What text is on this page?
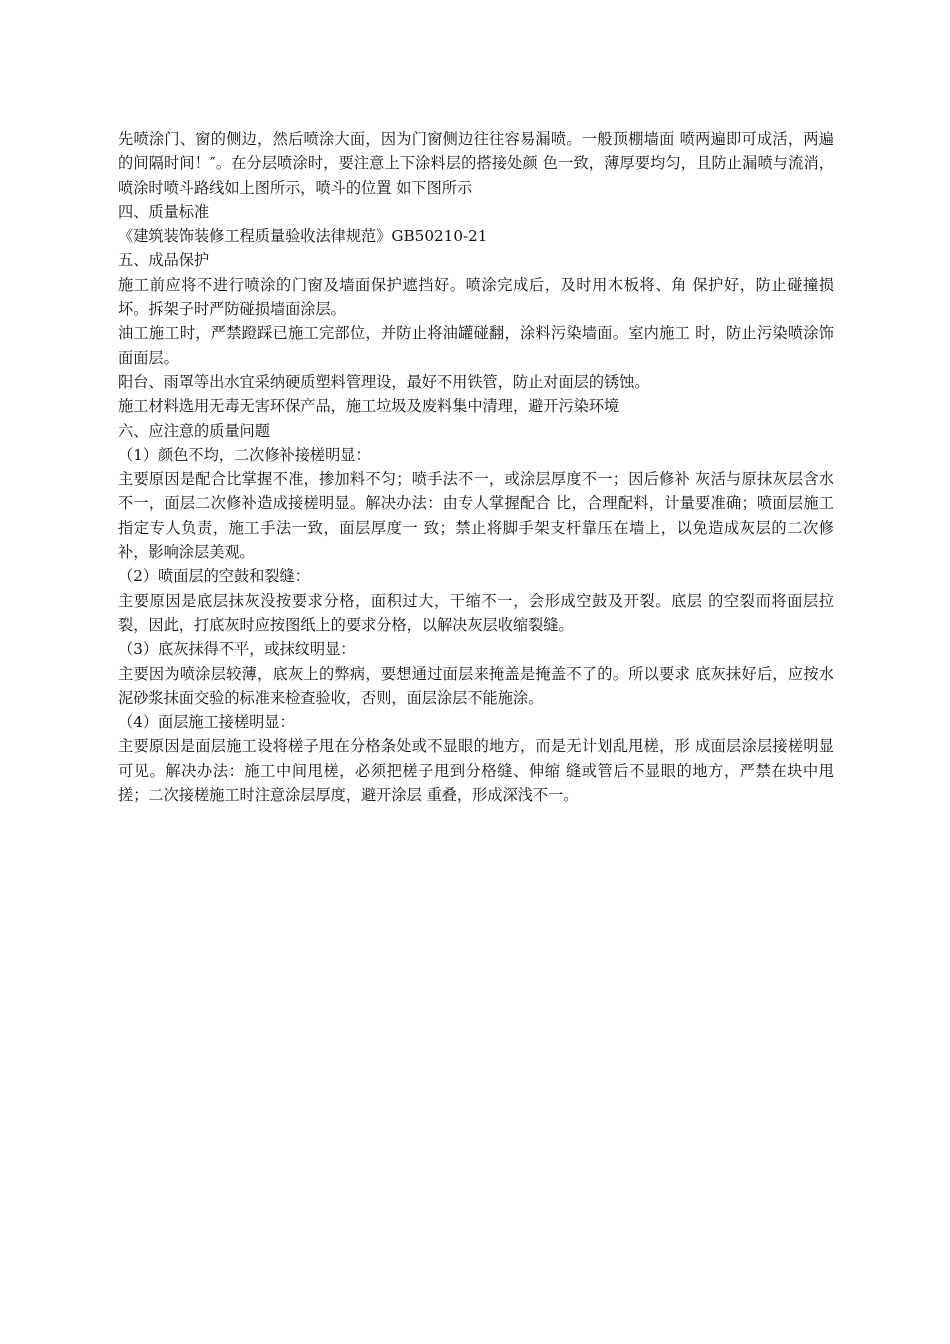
先喷涂门、窗的侧边，然后喷涂大面，因为门窗侧边往往容易漏喷。一般顶棚墙面 喷两遍即可成活，两遍的间隔时间！″。在分层喷涂时，要注意上下涂料层的搭接处颜 色一致，薄厚要均匀，且防止漏喷与流消，喷涂时喷斗路线如上图所示，喷斗的位置 如下图所示

四、质量标准

《建筑装饰装修工程质量验收法律规范》GB50210-21

五、成品保护

施工前应将不进行喷涂的门窗及墙面保护遮挡好。喷涂完成后，及时用木板将、角 保护好，防止碰撞损坏。拆架子时严防碰损墙面涂层。

油工施工时，严禁蹬踩已施工完部位，并防止将油罐碰翻，涂料污染墙面。室内施工 时，防止污染喷涂饰面面层。

阳台、雨罩等出水宜采纳硬质塑料管理设，最好不用铁管，防止对面层的锈蚀。

施工材料选用无毒无害环保产品，施工垃圾及废料集中清理，避开污染环境

六、应注意的质量问题

（1）颜色不均，二次修补接槎明显：

主要原因是配合比掌握不准，掺加料不匀；喷手法不一，或涂层厚度不一；因后修补 灰活与原抹灰层含水不一，面层二次修补造成接槎明显。解决办法：由专人掌握配合 比，合理配料，计量要准确；喷面层施工指定专人负责，施工手法一致，面层厚度一 致；禁止将脚手架支杆靠压在墙上，以免造成灰层的二次修补，影响涂层美观。

（2）喷面层的空鼓和裂缝：

主要原因是底层抹灰没按要求分格，面积过大，干缩不一，会形成空鼓及开裂。底层 的空裂而将面层拉裂，因此，打底灰时应按图纸上的要求分格，以解决灰层收缩裂缝。

（3）底灰抹得不平，或抹纹明显：

主要因为喷涂层较薄，底灰上的弊病，要想通过面层来掩盖是掩盖不了的。所以要求 底灰抹好后，应按水泥砂浆抹面交验的标准来检查验收，否则，面层涂层不能施涂。

（4）面层施工接槎明显：

主要原因是面层施工设将槎子甩在分格条处或不显眼的地方，而是无计划乱甩槎，形 成面层涂层接槎明显可见。解决办法：施工中间甩槎，必须把槎子甩到分格缝、伸缩 缝或管后不显眼的地方，严禁在块中甩搓；二次接槎施工时注意涂层厚度，避开涂层 重叠，形成深浅不一。
